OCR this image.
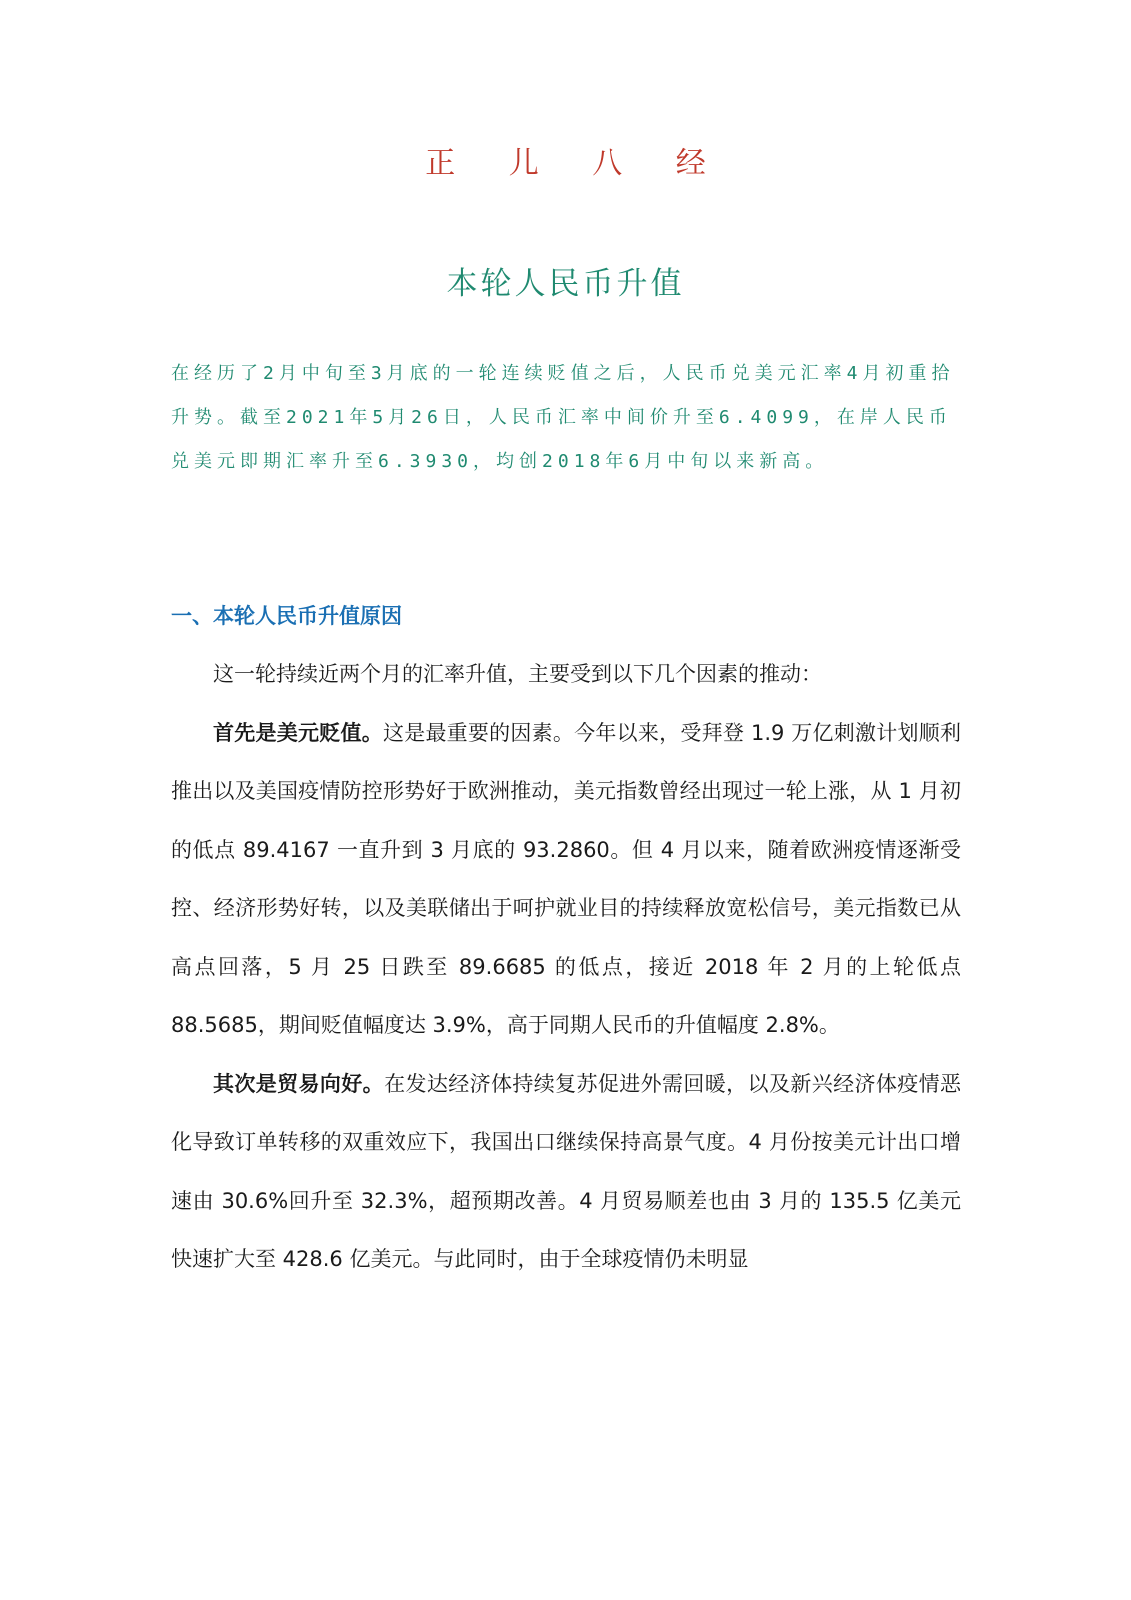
正 儿 八 经
本轮人民币升值

在经历了2月中旬至3月底的一轮连续贬值之后，人民币兑美元汇率4月初重拾升势。截至2021年5月26日，人民币汇率中间价升至6.4099，在岸人民币兑美元即期汇率升至6.3930，均创2018年6月中旬以来新高。

一、本轮人民币升值原因

这一轮持续近两个月的汇率升值，主要受到以下几个因素的推动：

首先是美元贬值。这是最重要的因素。今年以来，受拜登 1.9 万亿刺激计划顺利推出以及美国疫情防控形势好于欧洲推动，美元指数曾经出现过一轮上涨，从 1 月初的低点 89.4167 一直升到 3 月底的 93.2860。但 4 月以来，随着欧洲疫情逐渐受控、经济形势好转，以及美联储出于呵护就业目的持续释放宽松信号，美元指数已从高点回落，5 月 25 日跌至 89.6685 的低点，接近 2018 年 2 月的上轮低点 88.5685，期间贬值幅度达 3.9%，高于同期人民币的升值幅度 2.8%。

其次是贸易向好。在发达经济体持续复苏促进外需回暖，以及新兴经济体疫情恶化导致订单转移的双重效应下，我国出口继续保持高景气度。4 月份按美元计出口增速由 30.6%回升至 32.3%，超预期改善。4 月贸易顺差也由 3 月的 135.5 亿美元快速扩大至 428.6 亿美元。与此同时，由于全球疫情仍未明显
